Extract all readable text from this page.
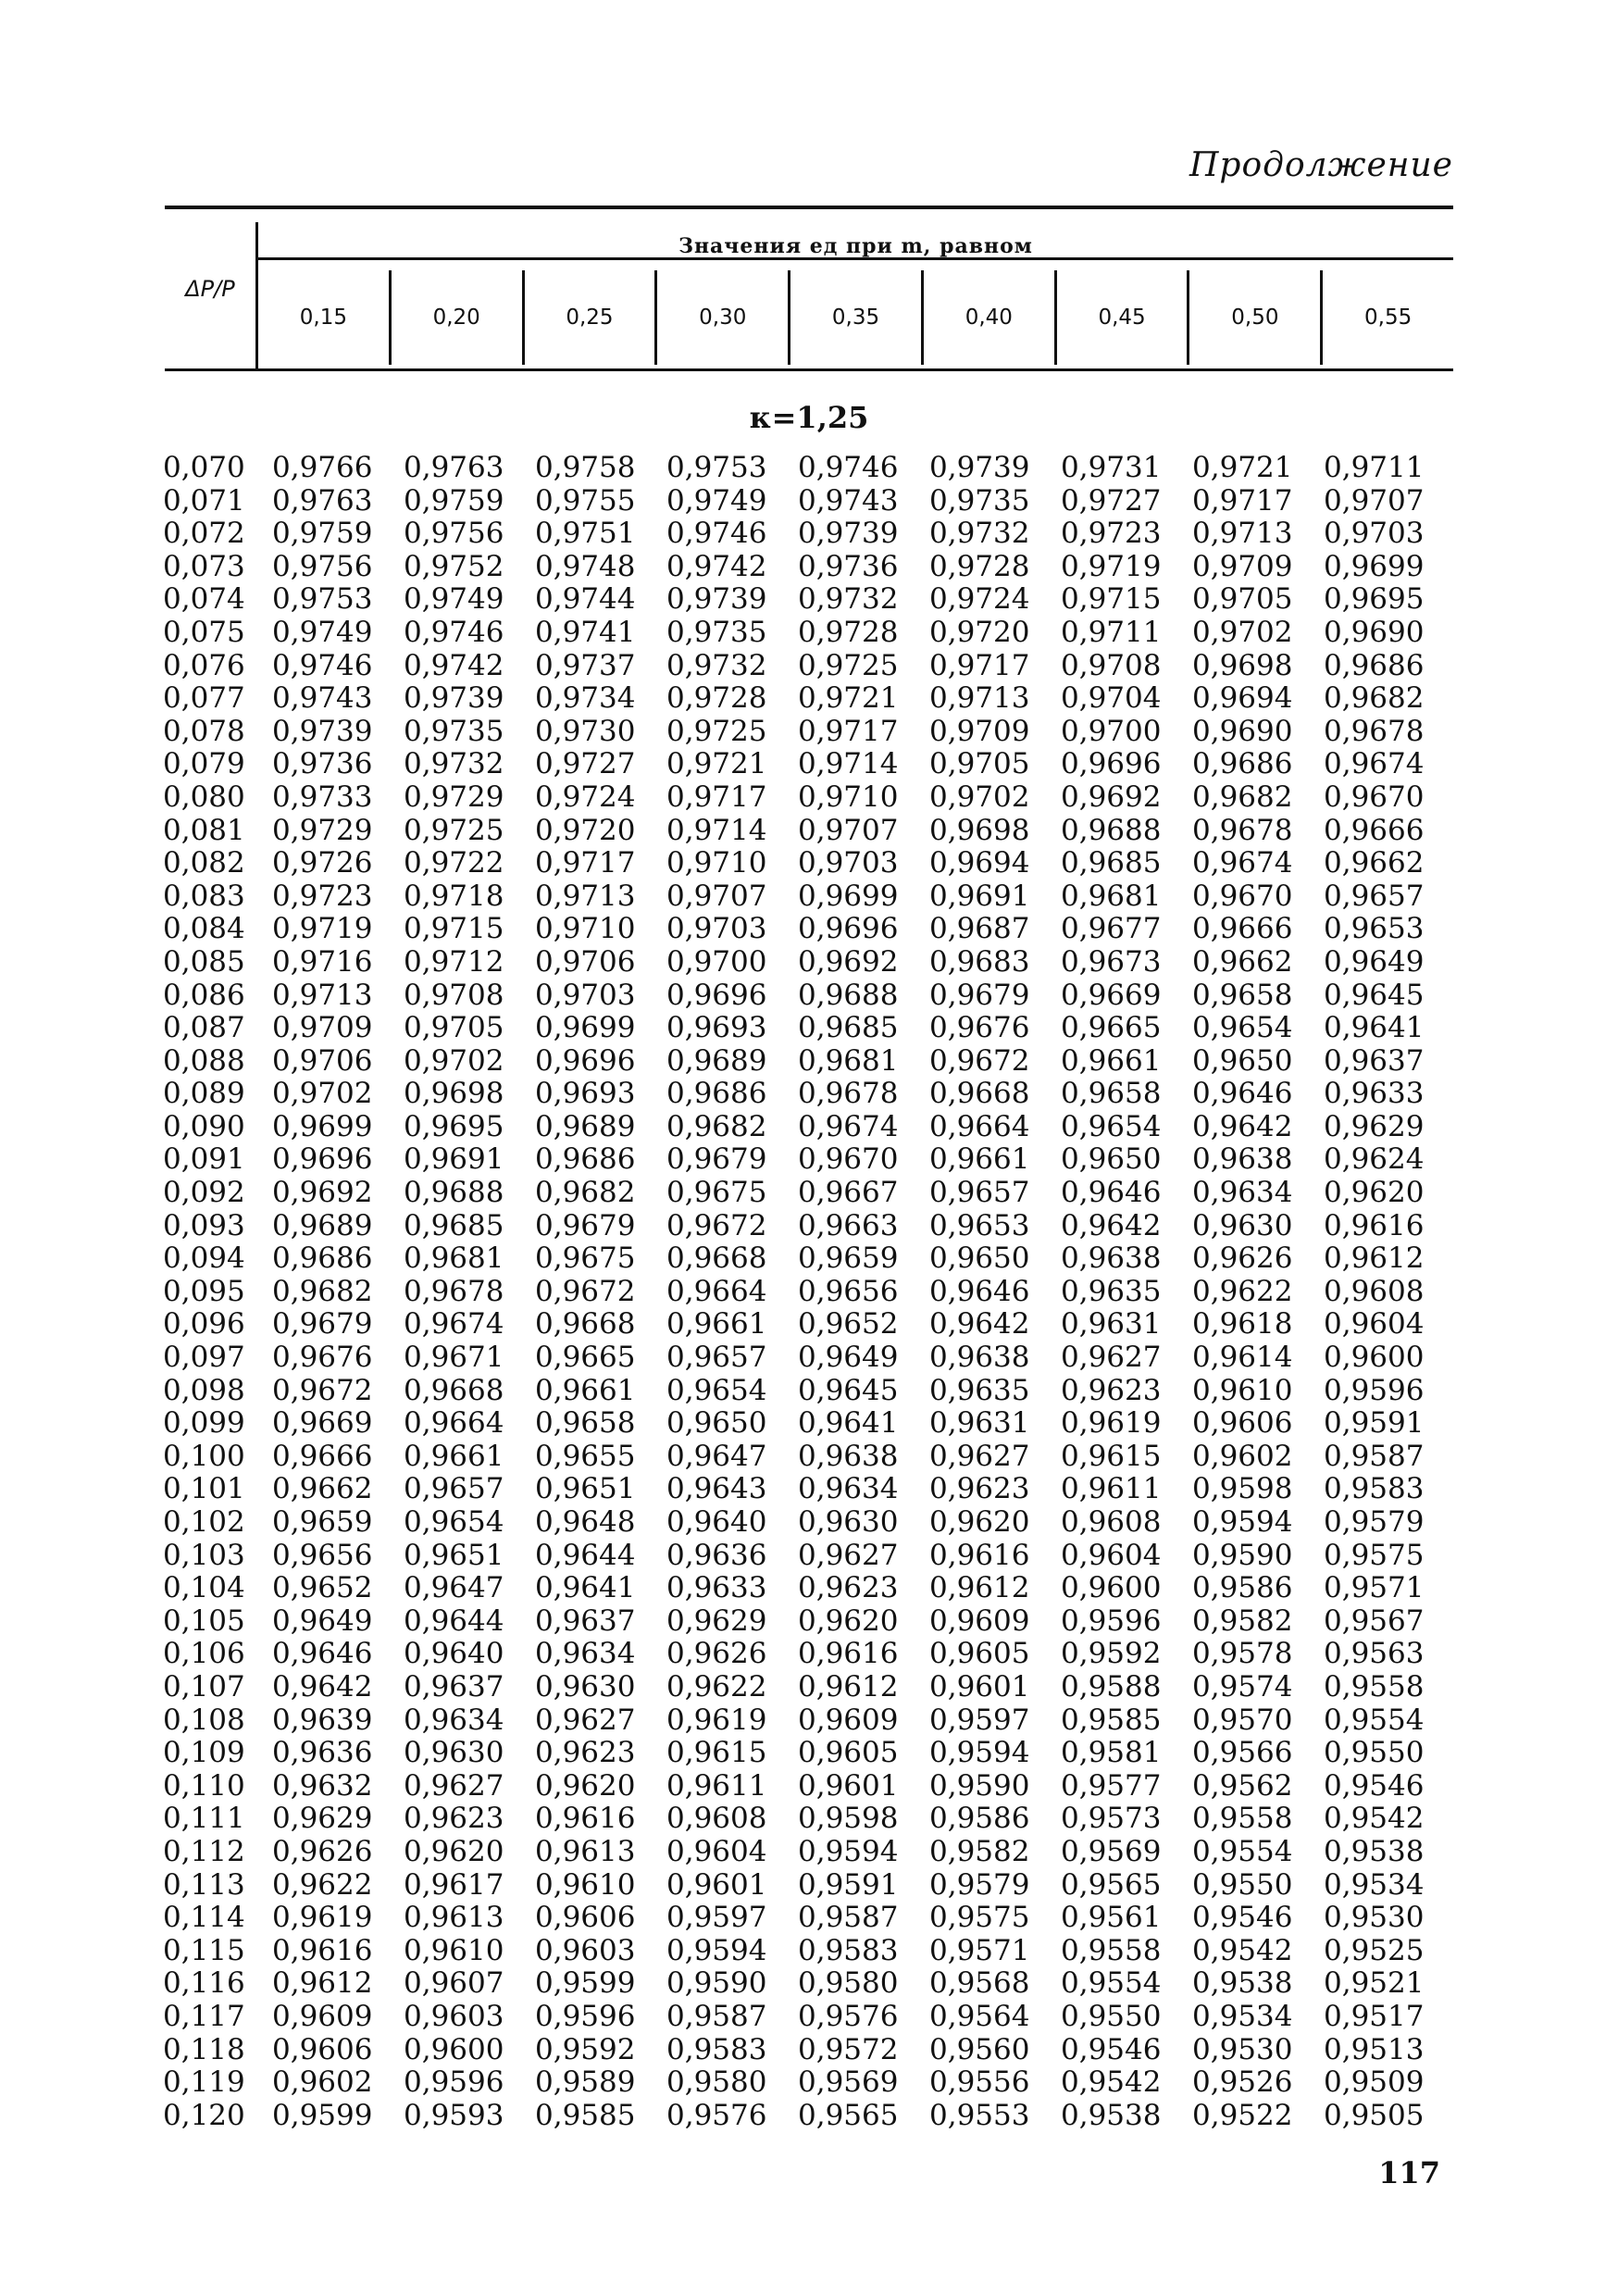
Продолжение
ΔP/P
Значения eд при m, равном
0,15	0,20	0,25	0,30	0,35	0,40	0,45	0,50	0,55
κ=1,25
0,070 0,9766	0,9763	0,9758	0,9753	0,9746	0,9739	0,9731	0,9721	0,9711
0,071 0,9763	0,9759	0,9755	0,9749	0,9743	0,9735	0,9727	0,9717	0,9707
0,072 0,9759	0,9756	0,9751	0,9746	0,9739	0,9732	0,9723	0,9713	0,9703
0,073 0,9756	0,9752	0,9748	0,9742	0,9736	0,9728	0,9719	0,9709	0,9699
0,074 0,9753	0,9749	0,9744	0,9739	0,9732	0,9724	0,9715	0,9705	0,9695
0,075 0,9749	0,9746	0,9741	0,9735	0,9728	0,9720	0,9711	0,9702	0,9690
0,076 0,9746	0,9742	0,9737	0,9732	0,9725	0,9717	0,9708	0,9698	0,9686
0,077 0,9743	0,9739	0,9734	0,9728	0,9721	0,9713	0,9704	0,9694	0,9682
0,078 0,9739	0,9735	0,9730	0,9725	0,9717	0,9709	0,9700	0,9690	0,9678
0,079 0,9736	0,9732	0,9727	0,9721	0,9714	0,9705	0,9696	0,9686	0,9674
0,080 0,9733	0,9729	0,9724	0,9717	0,9710	0,9702	0,9692	0,9682	0,9670
0,081 0,9729	0,9725	0,9720	0,9714	0,9707	0,9698	0,9688	0,9678	0,9666
0,082 0,9726	0,9722	0,9717	0,9710	0,9703	0,9694	0,9685	0,9674	0,9662
0,083 0,9723	0,9718	0,9713	0,9707	0,9699	0,9691	0,9681	0,9670	0,9657
0,084 0,9719	0,9715	0,9710	0,9703	0,9696	0,9687	0,9677	0,9666	0,9653
0,085 0,9716	0,9712	0,9706	0,9700	0,9692	0,9683	0,9673	0,9662	0,9649
0,086 0,9713	0,9708	0,9703	0,9696	0,9688	0,9679	0,9669	0,9658	0,9645
0,087 0,9709	0,9705	0,9699	0,9693	0,9685	0,9676	0,9665	0,9654	0,9641
0,088 0,9706	0,9702	0,9696	0,9689	0,9681	0,9672	0,9661	0,9650	0,9637
0,089 0,9702	0,9698	0,9693	0,9686	0,9678	0,9668	0,9658	0,9646	0,9633
0,090 0,9699	0,9695	0,9689	0,9682	0,9674	0,9664	0,9654	0,9642	0,9629
0,091 0,9696	0,9691	0,9686	0,9679	0,9670	0,9661	0,9650	0,9638	0,9624
0,092 0,9692	0,9688	0,9682	0,9675	0,9667	0,9657	0,9646	0,9634	0,9620
0,093 0,9689	0,9685	0,9679	0,9672	0,9663	0,9653	0,9642	0,9630	0,9616
0,094 0,9686	0,9681	0,9675	0,9668	0,9659	0,9650	0,9638	0,9626	0,9612
0,095 0,9682	0,9678	0,9672	0,9664	0,9656	0,9646	0,9635	0,9622	0,9608
0,096 0,9679	0,9674	0,9668	0,9661	0,9652	0,9642	0,9631	0,9618	0,9604
0,097 0,9676	0,9671	0,9665	0,9657	0,9649	0,9638	0,9627	0,9614	0,9600
0,098 0,9672	0,9668	0,9661	0,9654	0,9645	0,9635	0,9623	0,9610	0,9596
0,099 0,9669	0,9664	0,9658	0,9650	0,9641	0,9631	0,9619	0,9606	0,9591
0,100 0,9666	0,9661	0,9655	0,9647	0,9638	0,9627	0,9615	0,9602	0,9587
0,101 0,9662	0,9657	0,9651	0,9643	0,9634	0,9623	0,9611	0,9598	0,9583
0,102 0,9659	0,9654	0,9648	0,9640	0,9630	0,9620	0,9608	0,9594	0,9579
0,103 0,9656	0,9651	0,9644	0,9636	0,9627	0,9616	0,9604	0,9590	0,9575
0,104 0,9652	0,9647	0,9641	0,9633	0,9623	0,9612	0,9600	0,9586	0,9571
0,105 0,9649	0,9644	0,9637	0,9629	0,9620	0,9609	0,9596	0,9582	0,9567
0,106 0,9646	0,9640	0,9634	0,9626	0,9616	0,9605	0,9592	0,9578	0,9563
0,107 0,9642	0,9637	0,9630	0,9622	0,9612	0,9601	0,9588	0,9574	0,9558
0,108 0,9639	0,9634	0,9627	0,9619	0,9609	0,9597	0,9585	0,9570	0,9554
0,109 0,9636	0,9630	0,9623	0,9615	0,9605	0,9594	0,9581	0,9566	0,9550
0,110 0,9632	0,9627	0,9620	0,9611	0,9601	0,9590	0,9577	0,9562	0,9546
0,111 0,9629	0,9623	0,9616	0,9608	0,9598	0,9586	0,9573	0,9558	0,9542
0,112 0,9626	0,9620	0,9613	0,9604	0,9594	0,9582	0,9569	0,9554	0,9538
0,113 0,9622	0,9617	0,9610	0,9601	0,9591	0,9579	0,9565	0,9550	0,9534
0,114 0,9619	0,9613	0,9606	0,9597	0,9587	0,9575	0,9561	0,9546	0,9530
0,115 0,9616	0,9610	0,9603	0,9594	0,9583	0,9571	0,9558	0,9542	0,9525
0,116 0,9612	0,9607	0,9599	0,9590	0,9580	0,9568	0,9554	0,9538	0,9521
0,117 0,9609	0,9603	0,9596	0,9587	0,9576	0,9564	0,9550	0,9534	0,9517
0,118 0,9606	0,9600	0,9592	0,9583	0,9572	0,9560	0,9546	0,9530	0,9513
0,119 0,9602	0,9596	0,9589	0,9580	0,9569	0,9556	0,9542	0,9526	0,9509
0,120 0,9599	0,9593	0,9585	0,9576	0,9565	0,9553	0,9538	0,9522	0,9505
117
